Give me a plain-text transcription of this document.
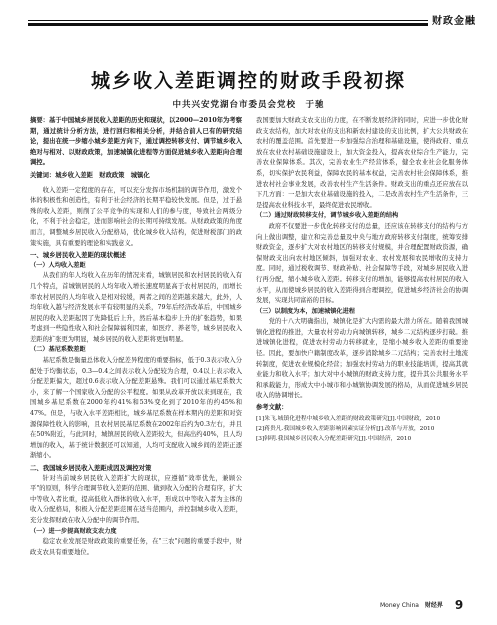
财政金融
城乡收入差距调控的财政手段初探
中共兴安党湖台市委员会党校　于驰
摘要：基于中国城乡居民收入差距的历史和现状，以2000—2010年为考察期，通过统计分析方法，进行回归和相关分析，并结合前人已有的研究结论，提出在统一步缩小城乡差距方向下，通过调控转移支付、调节城乡收入绝对与相对、以财政政策，加速城镇化进程等方面促进城乡收入差距向合理调控。
关键词：城乡收入差距　财政政策　城镇化
收入差距一定程度的存在，可以充分发挥市场机制的调节作用，激发个体的积极性和创造性，有利于社会经济的长期平稳较快发展。但是，过于悬殊的收入差距，则削了公平竞争的实现和人们的参与度，导致社会两级分化，不利于社会稳定，进而影响社会的长期可持续发展。从财政政策的角度而言，调整城乡居民收入分配格局，优化城乡收入结构，促进财税部门的政策实施，具有重要的理论和实践意义。
一、城乡居民收入差距的现状概述
（一）人均收入差距
从我们的年人均收入在历年的情况来看，城镇居民和农村居民的收入有几个特点，首城镇居民的人均年收入增长速度明显高于农村居民的，而增长率农村居民的人均年收入是相对较缓，两者之间的差距越来越大，此外，人均年收入越与经济发展水平有较明显的关系，79年后经济改革后，中国城乡居民的收入差距起因了先降低后上升，然后基本稳步上升的扩张趋势，如果考虑到一些隐性收入和社会保障福利因素，如医疗、养老等，城乡居民收入差距的扩张更为明显，城乡居民的收入差距将更加明显。
（二）基尼系数差距
基尼系数是衡量总体收入分配差异程度的重要指标，低于0.3表示收入分配处于均衡状态，0.3—0.4之间表示收入分配较为合理，0.4以上表示收入分配差距偏大，超过0.6表示收入分配差距悬殊。我们可以通过基尼系数大小，来了解一个国家收入分配的公平程度。如果从改革开放以来到现在，我国城乡基尼系数在2000年约41%和53%变化到了2010年的约45%和47%。但是，与收入水平差距相比，城乡基尼系数在样本期内的差距和对资源保障性收入的影响，且农村居民基尼系数在2002年后约为0.3左右，并且在50%附近，与此同时，城镇居民的收入差距较大，但高出约40%，且人均增加的收入，基于统计数据还可以知道，人均可支配收入城乡间的差距正逐渐缩小。
二、我国城乡居民收入差距成因及调控对策
针对当前城乡居民收入差距扩大的现状，应遵循"效率优先，兼顾公平"的原则，科学合理调节收入差距的范围、做到收入分配的合理有序，扩大中等收入者比重，提高低收入群体的收入水平，形成以中等收入者为主体的收入分配格局，积极入分配差距范围在适当范围内，并控制城乡收入差距，充分发挥财政在收入分配中的调节作用。
（一）进一步提高财政支农力度
稳定农业发展是财政政策的重要任务，在"三农"问题的重要手段中，财政支农具有重要地位。
我国要加大财政支农支出的力度，在不断发展经济的同时，应进一步优化财政支农结构，加大对农业的支出和新农村建设的支出比例，扩大公共财政在农村的覆盖范围。首先要进一步加强综合治理和基础设施，使得政府、重点放在农业农村基础设施建设上，加大资金投入，提高农业综合生产能力，完善农业保障体系。其次，完善农业生产经营体系，健全农业社会化服务体系，切实保护农民利益，保障农民的基本权益，完善农村社会保障体系，推进农村社会事业发展，改善农村生产生活条件。财政支出的重点还应放在以下几方面：一是加大农业基础设施的投入，二是改善农村生产生活条件，三是提高农业科技水平，最终促进农民增收。
（二）通过财政转移支付，调节城乡收入差距的结构
政府不仅要进一步优化转移支付的总量，还应该在转移支付的结构与方向上做出调整，建立和完善总量及中央与地方政府转移支付制度，统筹安排财政资金，逐步扩大对农村地区的转移支付规模，并合理配置财政资源，确保财政支出向农村地区倾斜，加强对农业、农村发展和农民增收的支持力度。同时，通过税收调节、财政补贴、社会保障等手段，对城乡居民收入进行再分配，缩小城乡收入差距。转移支付的增加，能够提高农村居民的收入水平，从而使城乡居民的收入差距得到合理调控，促进城乡经济社会的协调发展，实现共同富裕的目标。
（三）以制度为本，加速城镇化进程
党的十八大明确指出，城镇化是扩大内需的最大潜力所在。随着我国城镇化进程的推进，大量农村劳动力向城镇转移，城乡二元结构逐步打破。推进城镇化进程，促进农村劳动力转移就业，是缩小城乡收入差距的重要途径。因此，要加快户籍制度改革，逐步消除城乡二元结构；完善农村土地流转制度，促进农业规模化经营；加强农村劳动力的职业技能培训，提高其就业能力和收入水平；加大对中小城镇的财政支持力度，提升其公共服务水平和承载能力，形成大中小城市和小城镇协调发展的格局，从而促进城乡居民收入的协调增长。
参考文献：
[1]朱飞.城镇化进程中城乡收入差距的财政政策研究[J].中国财政，2010
[2]蒋贵凡.我国城乡收入差距影响因素实证分析[J].改革与开放，2010
[3]韩明.我国城乡居民收入分配差距研究[J].中国经济，2010
Money China 财经界 9
